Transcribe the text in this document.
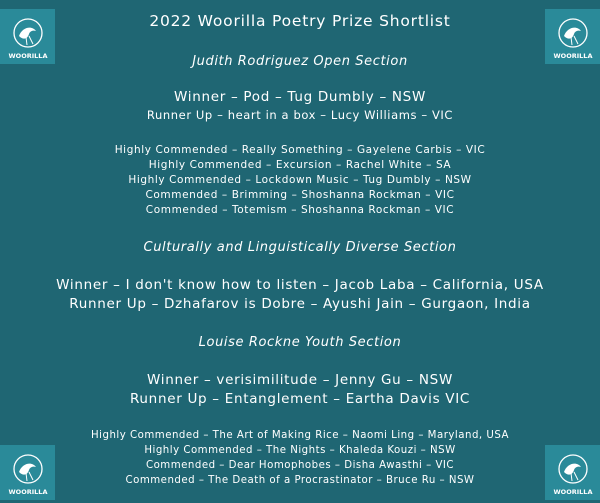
WOORILLA	WOORILLA
WOORILLA	WOORILLA
2022 Woorilla Poetry Prize Shortlist
Judith Rodriguez Open Section
Winner – Pod – Tug Dumbly – NSW
Runner Up – heart in a box – Lucy Williams – VIC
Highly Commended – Really Something – Gayelene Carbis – VIC
Highly Commended – Excursion – Rachel White – SA
Highly Commended – Lockdown Music – Tug Dumbly – NSW
Commended – Brimming – Shoshanna Rockman – VIC
Commended – Totemism – Shoshanna Rockman – VIC
Culturally and Linguistically Diverse Section
Winner – I don't know how to listen – Jacob Laba – California, USA
Runner Up – Dzhafarov is Dobre – Ayushi Jain – Gurgaon, India
Louise Rockne Youth Section
Winner – verisimilitude – Jenny Gu – NSW
Runner Up – Entanglement – Eartha Davis VIC
Highly Commended – The Art of Making Rice – Naomi Ling – Maryland, USA
Highly Commended – The Nights – Khaleda Kouzi – NSW
Commended – Dear Homophobes – Disha Awasthi – VIC
Commended – The Death of a Procrastinator – Bruce Ru – NSW
